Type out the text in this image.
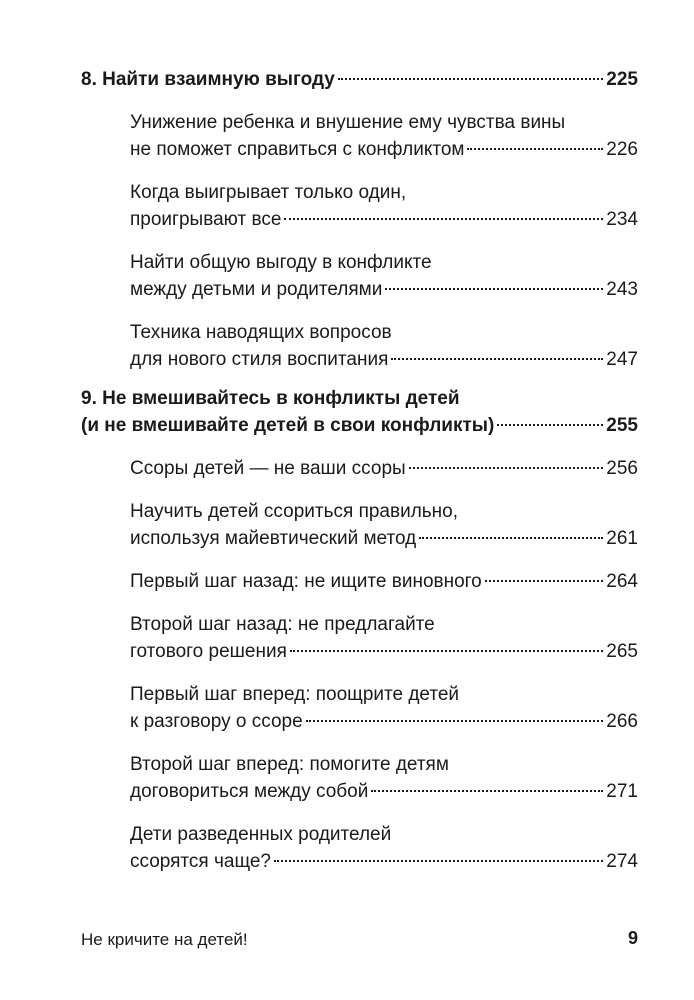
8. Найти взаимную выгоду	225
Унижение ребенка и внушение ему чувства вины
не поможет справиться с конфликтом	226
Когда выигрывает только один,
проигрывают все	234
Найти общую выгоду в конфликте
между детьми и родителями	243
Техника наводящих вопросов
для нового стиля воспитания	247
9. Не вмешивайтесь в конфликты детей
(и не вмешивайте детей в свои конфликты)	255
Ссоры детей — не ваши ссоры	256
Научить детей ссориться правильно,
используя майевтический метод	261
Первый шаг назад: не ищите виновного	264
Второй шаг назад: не предлагайте
готового решения	265
Первый шаг вперед: поощрите детей
к разговору о ссоре	266
Второй шаг вперед: помогите детям
договориться между собой	271
Дети разведенных родителей
ссорятся чаще?	274
Не кричите на детей!	9
